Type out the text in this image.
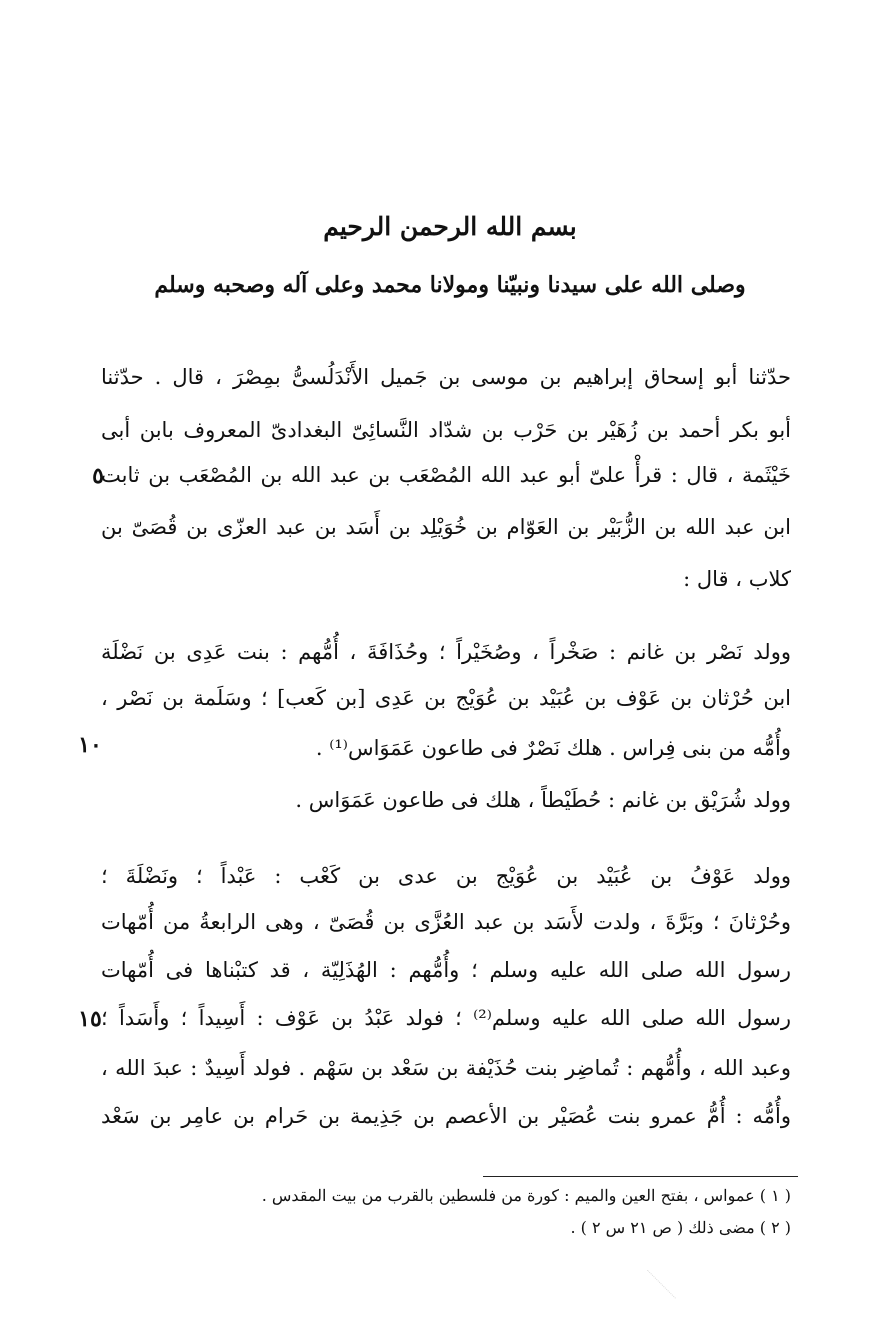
بسم الله الرحمن الرحيم
وصلى الله على سيدنا ونبيّنا ومولانا محمد وعلى آله وصحبه وسلم
حدّثنا أبو إسحاق إبراهيم بن موسى بن جَميل الأَنْدَلُسىُّ بمِصْرَ ، قال . حدّثنا
أبو بكر أحمد بن زُهَيْر بن حَرْب بن شدّاد النَّسائِىّ البغدادىّ المعروف بابن أبى
خَيْثَمة ، قال : قرأْ علىّ أبو عبد الله المُصْعَب بن عبد الله بن المُصْعَب بن ثابت
ابن عبد الله بن الزُّبَيْر بن العَوّام بن خُوَيْلِد بن أَسَد بن عبد العزّى بن قُصَىّ بن
كلاب ، قال :
وولد نَصْر بن غانم : صَخْراً ، وصُخَيْراً ؛ وحُذَافَةَ ، أُمُّهم : بنت عَدِى بن نَضْلَة
ابن حُرْثان بن عَوْف بن عُبَيْد بن عُوَيْج بن عَدِى [بن كَعب] ؛ وسَلَمة بن نَصْر ،
وأُمُّه من بنى فِراس . هلك نَصْرٌ فى طاعون عَمَوَاس⁽¹⁾ .
وولد شُرَيْق بن غانم : حُطَيْطاً ، هلك فى طاعون عَمَوَاس .
وولد عَوْفُ بن عُبَيْد بن عُوَيْج بن عدى بن كَعْب : عَبْداً ؛ ونَضْلَةَ ؛
وحُرْثانَ ؛ وبَرَّةَ ، ولدت لأَسَد بن عبد العُزَّى بن قُصَىّ ، وهى الرابعةُ من أُمّهات
رسول الله صلى الله عليه وسلم ؛ وأُمُّهم : الهُذَلِيّة ، قد كتبْناها فى أُمّهات
رسول الله صلى الله عليه وسلم⁽²⁾ ؛ فولد عَبْدُ بن عَوْف : أَسِيداً ؛ وأَسَداً ؛
وعبد الله ، وأُمُّهم : تُماضِر بنت حُذَيْفة بن سَعْد بن سَهْم . فولد أَسِيدٌ : عبدَ الله ،
وأُمُّه : أُمُّ عمرو بنت عُصَيْر بن الأعصم بن جَذِيمة بن حَرام بن عامِر بن سَعْد
٥
١٠
١٥
( ١ ) عمواس ، بفتح العين والميم : كورة من فلسطين بالقرب من بيت المقدس .
( ٢ ) مضى ذلك ( ص ٢١ س ٢ ) .
